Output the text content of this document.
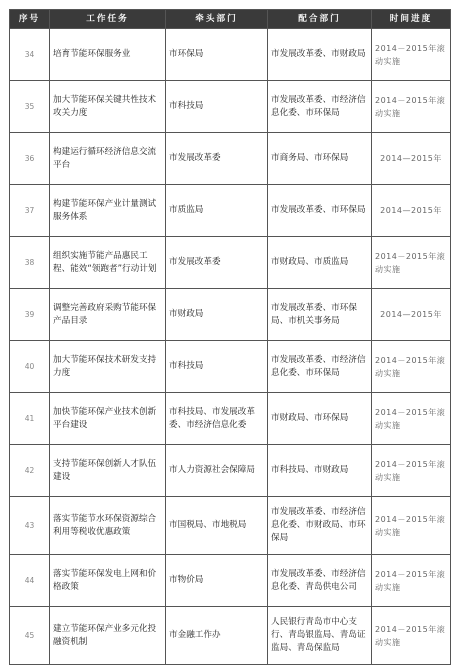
序号	工作任务	牵头部门	配合部门	时间进度
34	培育节能环保服务业	市环保局	市发展改革委、市财政局	2014－2015年滚动实施
35	加大节能环保关键共性技术攻关力度	市科技局	市发展改革委、市经济信息化委、市环保局	2014－2015年滚动实施
36	构建运行循环经济信息交流平台	市发展改革委	市商务局、市环保局	2014—2015年
37	构建节能环保产业计量测试服务体系	市质监局	市发展改革委、市环保局	2014—2015年
38	组织实施节能产品惠民工程、能效“领跑者”行动计划	市发展改革委	市财政局、市质监局	2014－2015年滚动实施
39	调整完善政府采购节能环保产品目录	市财政局	市发展改革委、市环保局、市机关事务局	2014—2015年
40	加大节能环保技术研发支持力度	市科技局	市发展改革委、市经济信息化委、市环保局	2014－2015年滚动实施
41	加快节能环保产业技术创新平台建设	市科技局、市发展改革委、市经济信息化委	市财政局、市环保局	2014－2015年滚动实施
42	支持节能环保创新人才队伍建设	市人力资源社会保障局	市科技局、市财政局	2014－2015年滚动实施
43	落实节能节水环保资源综合利用等税收优惠政策	市国税局、市地税局	市发展改革委、市经济信息化委、市财政局、市环保局	2014－2015年滚动实施
44	落实节能环保发电上网和价格政策	市物价局	市发展改革委、市经济信息化委、青岛供电公司	2014－2015年滚动实施
45	建立节能环保产业多元化投融资机制	市金融工作办	人民银行青岛市中心支行、青岛银监局、青岛证监局、青岛保监局	2014－2015年滚动实施
